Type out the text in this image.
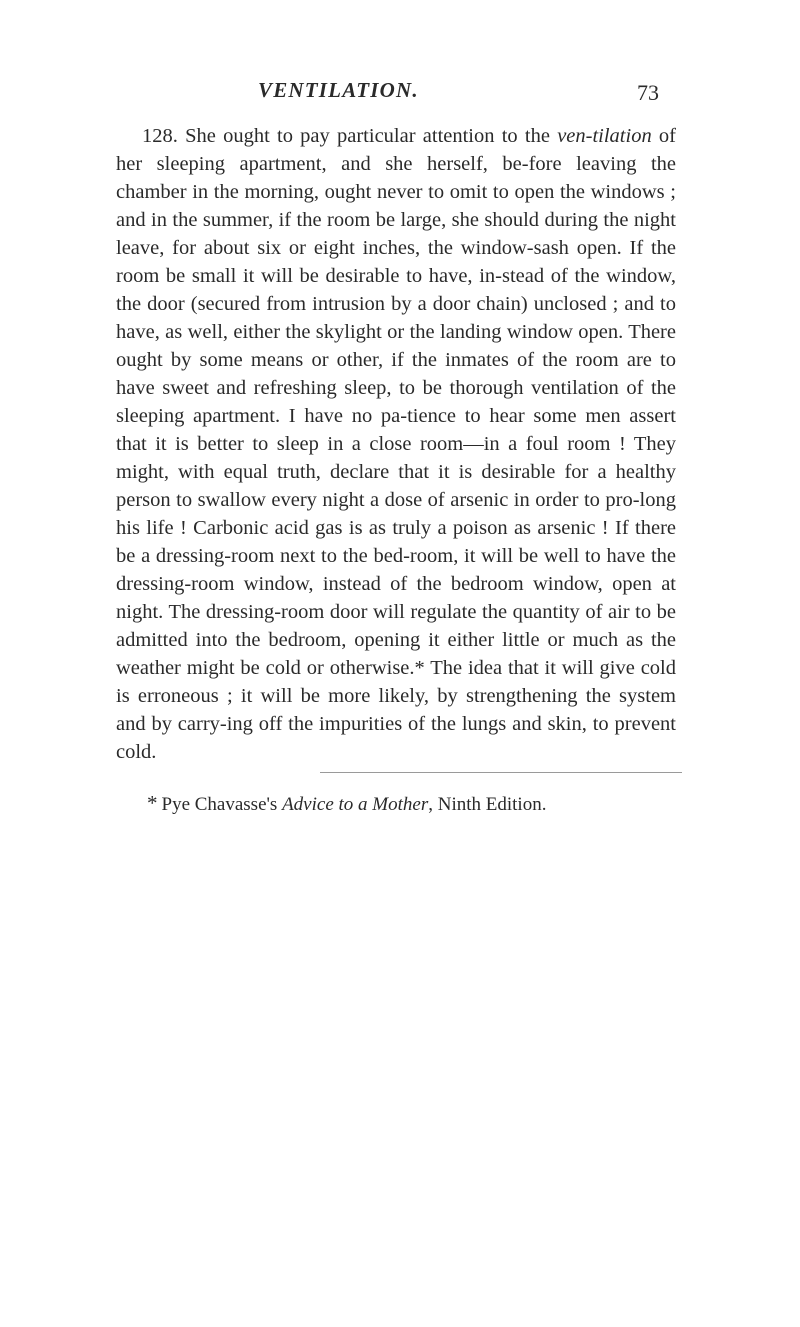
VENTILATION.	73

128. She ought to pay particular attention to the ven-tilation of her sleeping apartment, and she herself, be-fore leaving the chamber in the morning, ought never to omit to open the windows ; and in the summer, if the room be large, she should during the night leave, for about six or eight inches, the window-sash open. If the room be small it will be desirable to have, in-stead of the window, the door (secured from intrusion by a door chain) unclosed ; and to have, as well, either the skylight or the landing window open. There ought by some means or other, if the inmates of the room are to have sweet and refreshing sleep, to be thorough ventilation of the sleeping apartment. I have no pa-tience to hear some men assert that it is better to sleep in a close room—in a foul room ! They might, with equal truth, declare that it is desirable for a healthy person to swallow every night a dose of arsenic in order to pro-long his life ! Carbonic acid gas is as truly a poison as arsenic ! If there be a dressing-room next to the bed-room, it will be well to have the dressing-room window, instead of the bedroom window, open at night. The dressing-room door will regulate the quantity of air to be admitted into the bedroom, opening it either little or much as the weather might be cold or otherwise.* The idea that it will give cold is erroneous ; it will be more likely, by strengthening the system and by carry-ing off the impurities of the lungs and skin, to prevent cold.

* Pye Chavasse's Advice to a Mother, Ninth Edition.
